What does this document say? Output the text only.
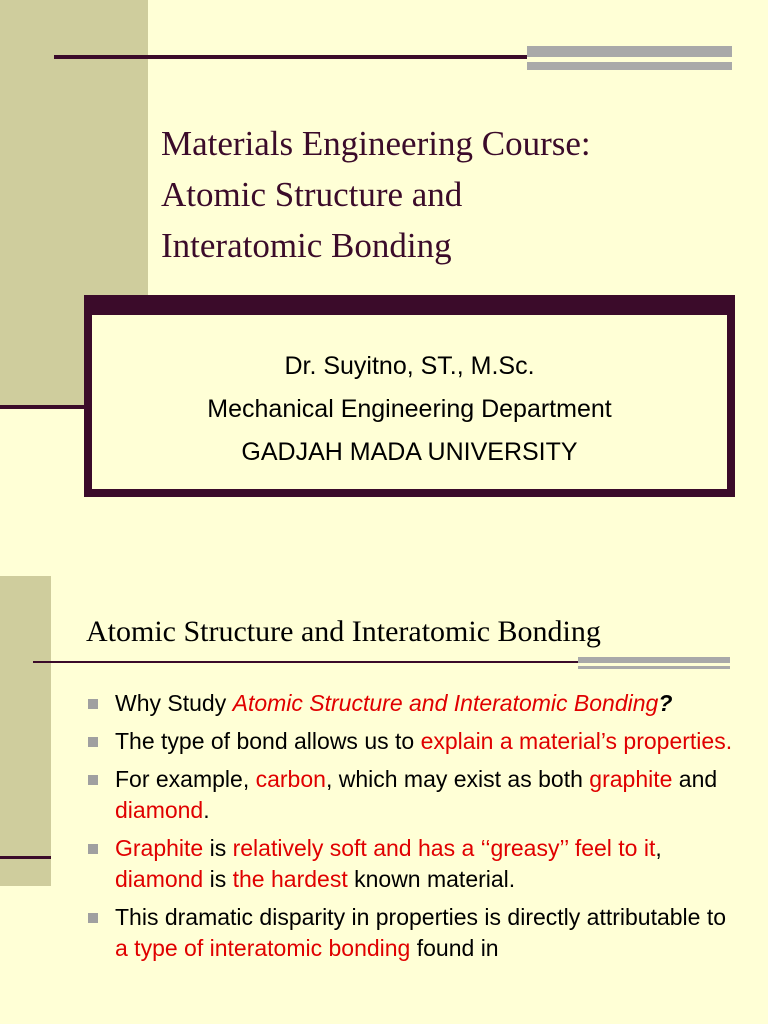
Materials Engineering Course:
Atomic Structure and
Interatomic Bonding
Dr. Suyitno, ST., M.Sc.
Mechanical Engineering Department
GADJAH MADA UNIVERSITY
Atomic Structure and Interatomic Bonding
Why Study Atomic Structure and Interatomic Bonding?
The type of bond allows us to explain a material’s properties.
For example, carbon, which may exist as both graphite and diamond.
Graphite is relatively soft and has a ‘‘greasy’’ feel to it, diamond is the hardest known material.
This dramatic disparity in properties is directly attributable to a type of interatomic bonding found in
